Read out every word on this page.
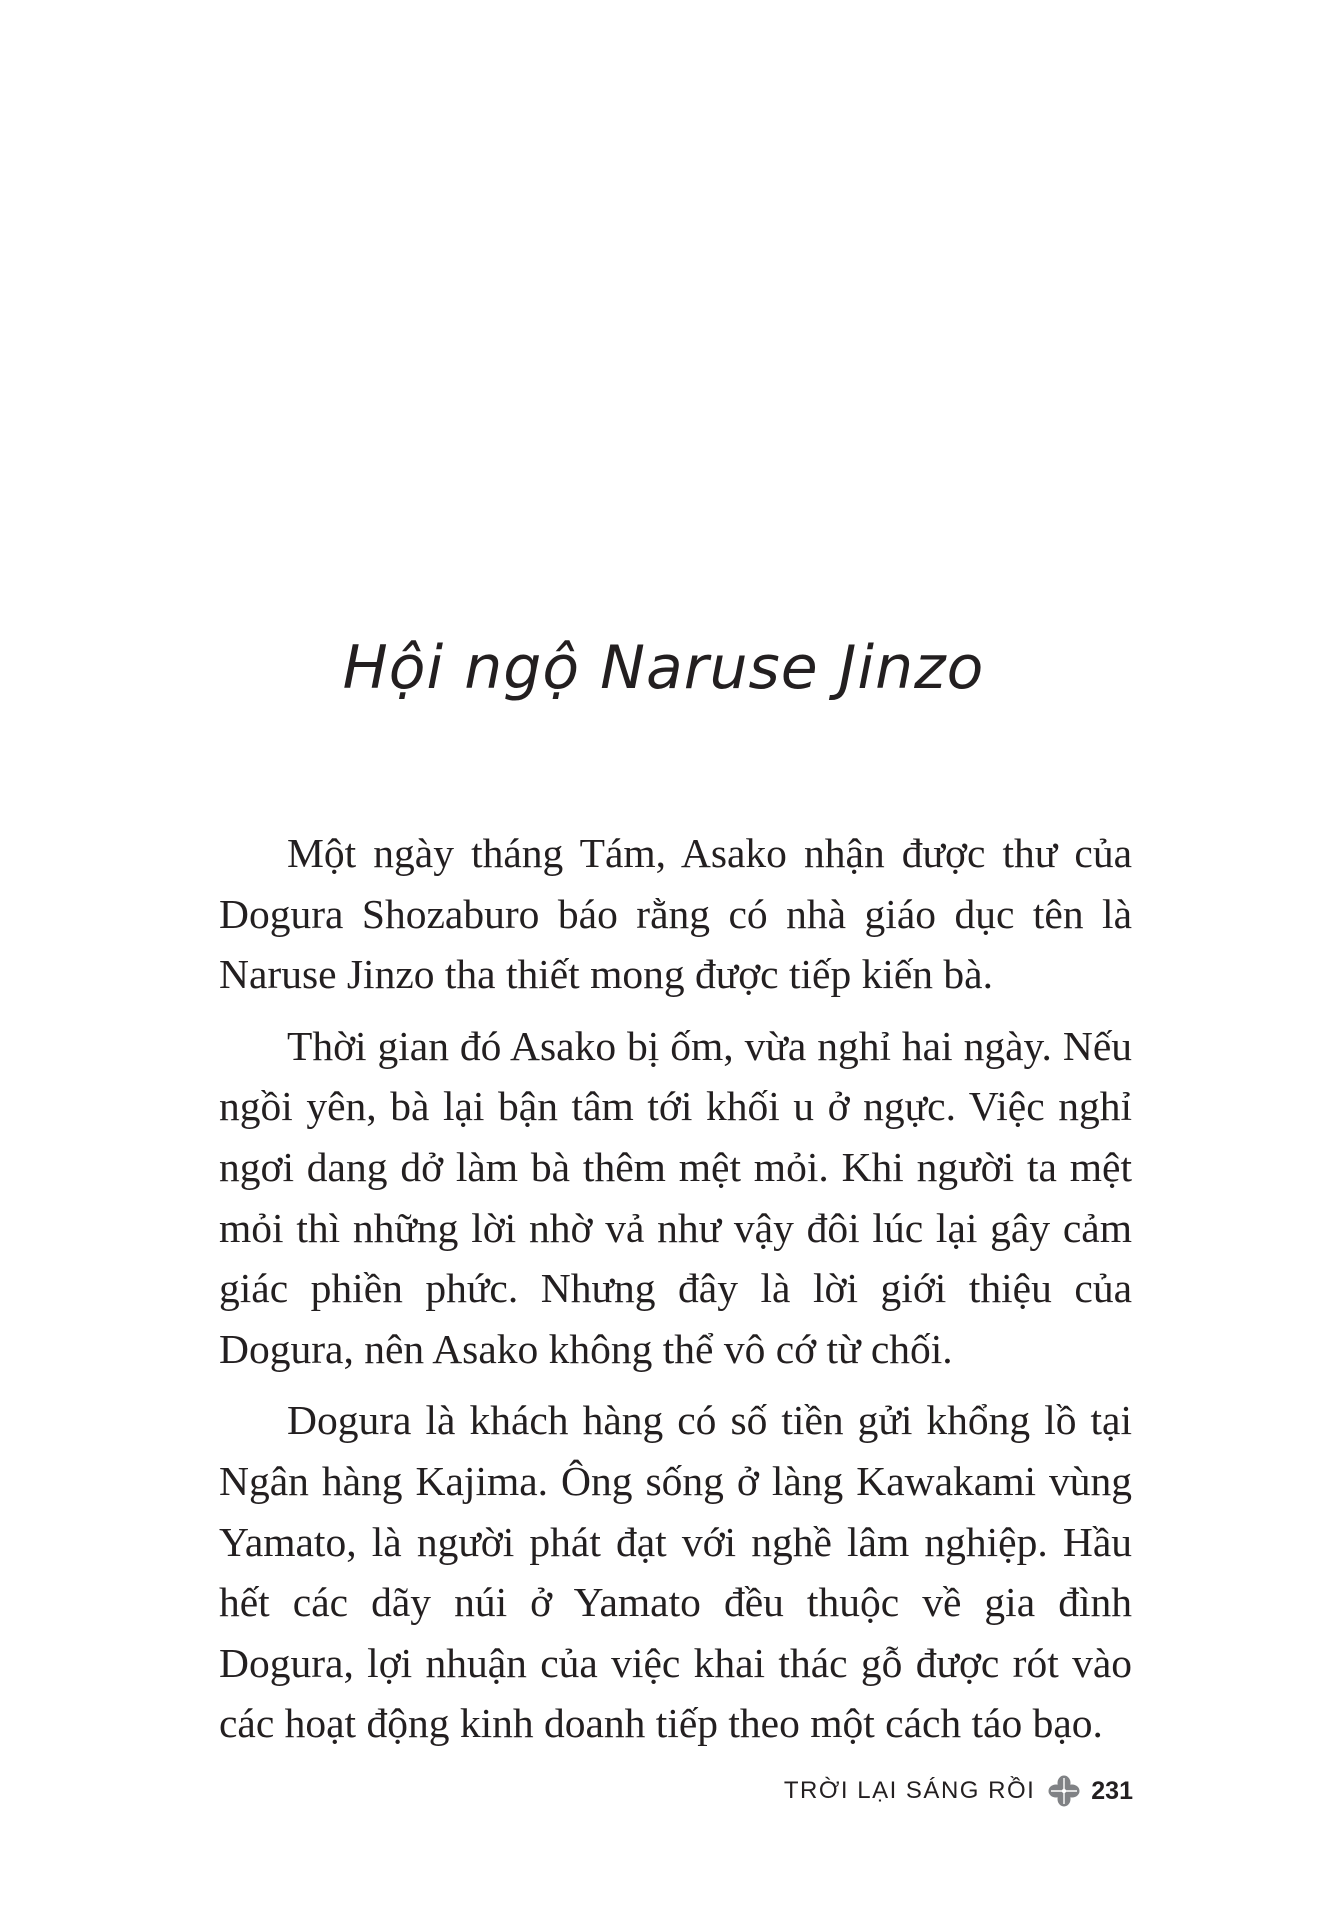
Hội ngộ Naruse Jinzo

Một ngày tháng Tám, Asako nhận được thư của Dogura Shozaburo báo rằng có nhà giáo dục tên là Naruse Jinzo tha thiết mong được tiếp kiến bà.

Thời gian đó Asako bị ốm, vừa nghỉ hai ngày. Nếu ngồi yên, bà lại bận tâm tới khối u ở ngực. Việc nghỉ ngơi dang dở làm bà thêm mệt mỏi. Khi người ta mệt mỏi thì những lời nhờ vả như vậy đôi lúc lại gây cảm giác phiền phức. Nhưng đây là lời giới thiệu của Dogura, nên Asako không thể vô cớ từ chối.

Dogura là khách hàng có số tiền gửi khổng lồ tại Ngân hàng Kajima. Ông sống ở làng Kawakami vùng Yamato, là người phát đạt với nghề lâm nghiệp. Hầu hết các dãy núi ở Yamato đều thuộc về gia đình Dogura, lợi nhuận của việc khai thác gỗ được rót vào các hoạt động kinh doanh tiếp theo một cách táo bạo.

TRỜI LẠI SÁNG RỒI 231
